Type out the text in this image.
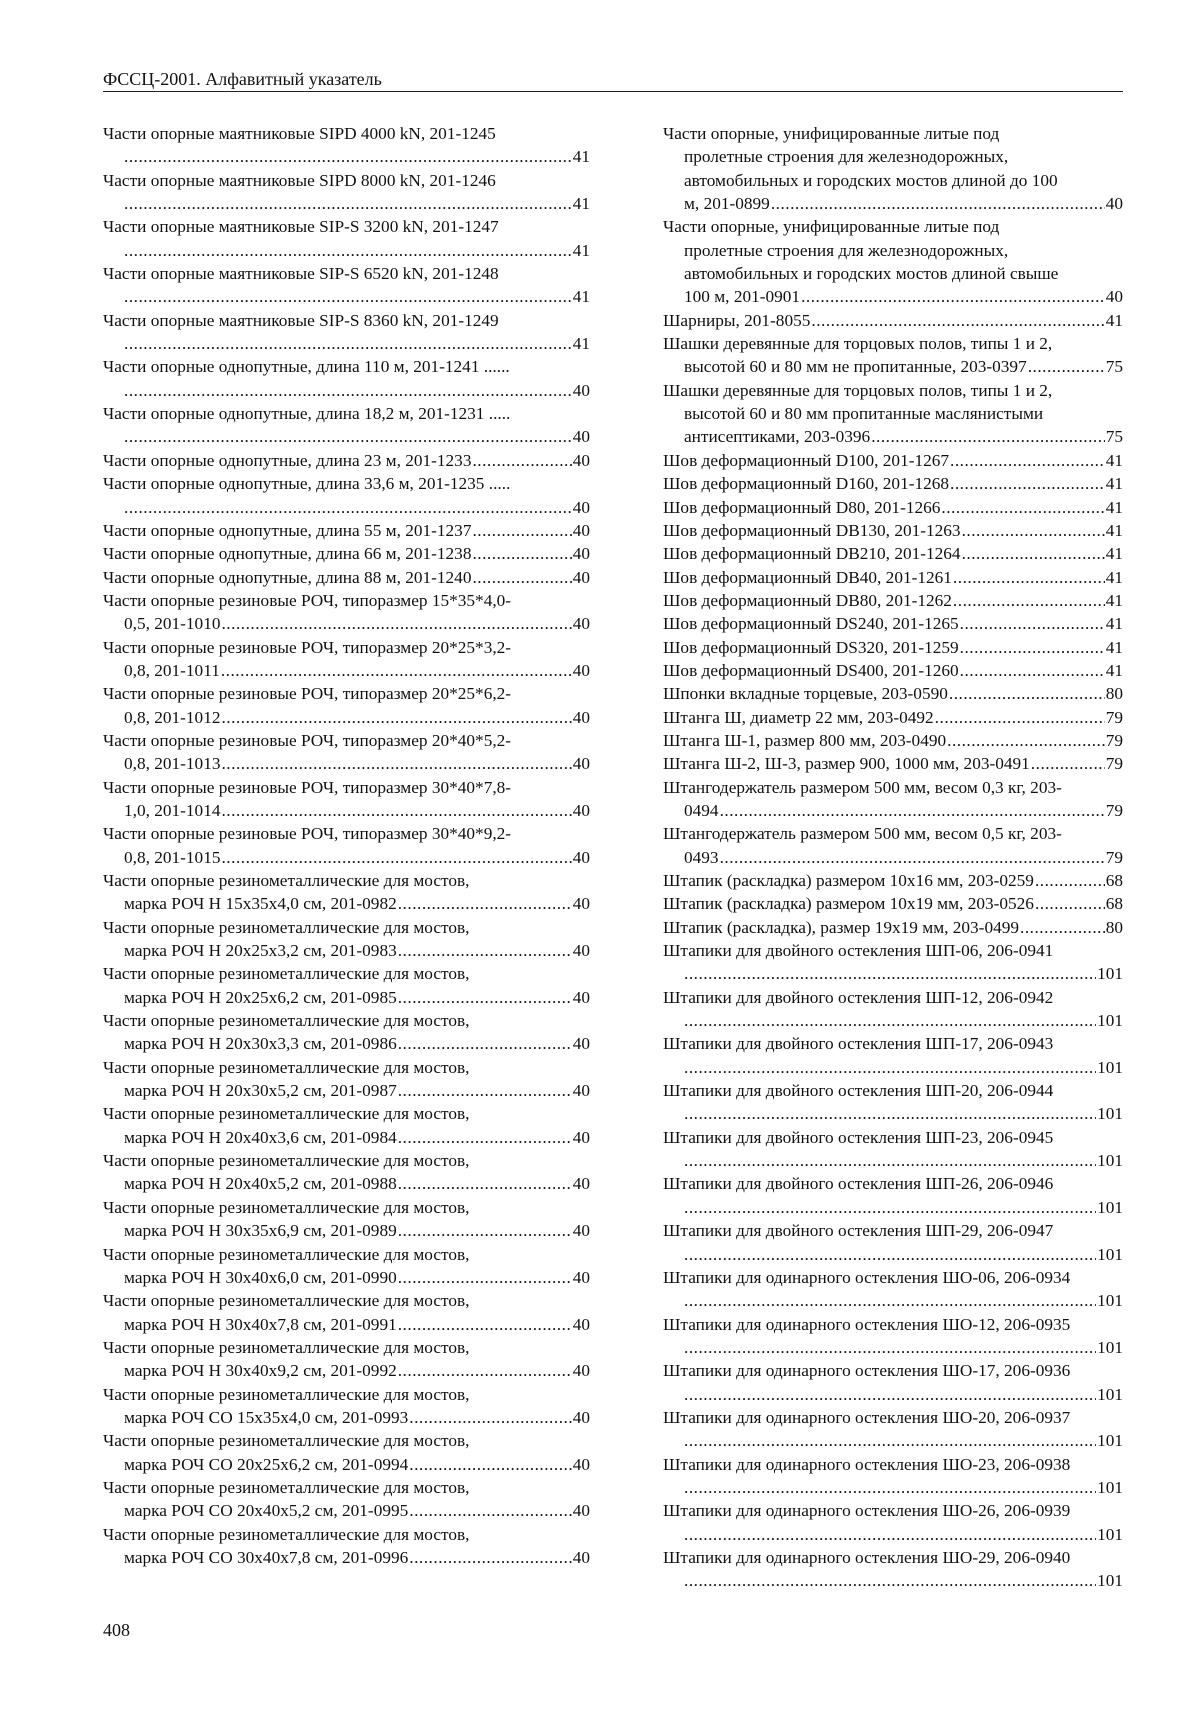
ФССЦ-2001. Алфавитный указатель
Части опорные маятниковые SIPD 4000 kN, 201-1245
.....
41
Части опорные маятниковые SIPD 8000 kN, 201-1246
.....
41
Части опорные маятниковые SIP-S 3200 kN, 201-1247
.....
41
Части опорные маятниковые SIP-S 6520 kN, 201-1248
.....
41
Части опорные маятниковые SIP-S 8360 kN, 201-1249
.....
41
Части опорные однопутные, длина 110 м, 201-1241 ......
.....
40
Части опорные однопутные, длина 18,2 м, 201-1231 .....
.....
40
Части опорные однопутные, длина 23 м, 201-1233 .....	40
Части опорные однопутные, длина 33,6 м, 201-1235 .....
.....
40
Части опорные однопутные, длина 55 м, 201-1237 .....	40
Части опорные однопутные, длина 66 м, 201-1238 .....	40
Части опорные однопутные, длина 88 м, 201-1240 .....	40
Части опорные резиновые РОЧ, типоразмер 15*35*4,0-
0,5, 201-1010 .....	40
Части опорные резиновые РОЧ, типоразмер 20*25*3,2-
0,8, 201-1011 .....	40
Части опорные резиновые РОЧ, типоразмер 20*25*6,2-
0,8, 201-1012 .....	40
Части опорные резиновые РОЧ, типоразмер 20*40*5,2-
0,8, 201-1013 .....	40
Части опорные резиновые РОЧ, типоразмер 30*40*7,8-
1,0, 201-1014 .....	40
Части опорные резиновые РОЧ, типоразмер 30*40*9,2-
0,8, 201-1015 .....	40
Части опорные резинометаллические для мостов,
марка РОЧ Н 15x35x4,0 см, 201-0982 .....	40
Части опорные резинометаллические для мостов,
марка РОЧ Н 20x25x3,2 см, 201-0983 .....	40
Части опорные резинометаллические для мостов,
марка РОЧ Н 20x25x6,2 см, 201-0985 .....	40
Части опорные резинометаллические для мостов,
марка РОЧ Н 20x30x3,3 см, 201-0986 .....	40
Части опорные резинометаллические для мостов,
марка РОЧ Н 20x30x5,2 см, 201-0987 .....	40
Части опорные резинометаллические для мостов,
марка РОЧ Н 20x40x3,6 см, 201-0984 .....	40
Части опорные резинометаллические для мостов,
марка РОЧ Н 20x40x5,2 см, 201-0988 .....	40
Части опорные резинометаллические для мостов,
марка РОЧ Н 30x35x6,9 см, 201-0989 .....	40
Части опорные резинометаллические для мостов,
марка РОЧ Н 30x40x6,0 см, 201-0990 .....	40
Части опорные резинометаллические для мостов,
марка РОЧ Н 30x40x7,8 см, 201-0991 .....	40
Части опорные резинометаллические для мостов,
марка РОЧ Н 30x40x9,2 см, 201-0992 .....	40
Части опорные резинометаллические для мостов,
марка РОЧ СО 15x35x4,0 см, 201-0993 .....	40
Части опорные резинометаллические для мостов,
марка РОЧ СО 20x25x6,2 см, 201-0994 .....	40
Части опорные резинометаллические для мостов,
марка РОЧ СО 20x40x5,2 см, 201-0995 .....	40
Части опорные резинометаллические для мостов,
марка РОЧ СО 30x40x7,8 см, 201-0996 .....	40
Части опорные, унифицированные литые под
пролетные строения для железнодорожных,
автомобильных и городских мостов длиной до 100
м, 201-0899 .....	40
Части опорные, унифицированные литые под
пролетные строения для железнодорожных,
автомобильных и городских мостов длиной свыше
100 м, 201-0901 .....	40
Шарниры, 201-8055 .....	41
Шашки деревянные для торцовых полов, типы 1 и 2,
высотой 60 и 80 мм не пропитанные, 203-0397 .....	75
Шашки деревянные для торцовых полов, типы 1 и 2,
высотой 60 и 80 мм пропитанные маслянистыми
антисептиками, 203-0396 .....	75
Шов деформационный D100, 201-1267 .....	41
Шов деформационный D160, 201-1268 .....	41
Шов деформационный D80, 201-1266 .....	41
Шов деформационный DB130, 201-1263 .....	41
Шов деформационный DB210, 201-1264 .....	41
Шов деформационный DB40, 201-1261 .....	41
Шов деформационный DB80, 201-1262 .....	41
Шов деформационный DS240, 201-1265 .....	41
Шов деформационный DS320, 201-1259 .....	41
Шов деформационный DS400, 201-1260 .....	41
Шпонки вкладные торцевые, 203-0590 .....	80
Штанга Ш, диаметр 22 мм, 203-0492 .....	79
Штанга Ш-1, размер 800 мм, 203-0490 .....	79
Штанга Ш-2, Ш-3, размер 900, 1000 мм, 203-0491 .....	79
Штангодержатель размером 500 мм, весом 0,3 кг, 203-
0494 .....	79
Штангодержатель размером 500 мм, весом 0,5 кг, 203-
0493 .....	79
Штапик (раскладка) размером 10x16 мм, 203-0259 .....	68
Штапик (раскладка) размером 10x19 мм, 203-0526 .....	68
Штапик (раскладка), размер 19x19 мм, 203-0499 .....	80
Штапики для двойного остекления ШП-06, 206-0941
.....
101
Штапики для двойного остекления ШП-12, 206-0942
.....
101
Штапики для двойного остекления ШП-17, 206-0943
.....
101
Штапики для двойного остекления ШП-20, 206-0944
.....
101
Штапики для двойного остекления ШП-23, 206-0945
.....
101
Штапики для двойного остекления ШП-26, 206-0946
.....
101
Штапики для двойного остекления ШП-29, 206-0947
.....
101
Штапики для одинарного остекления ШО-06, 206-0934
.....
101
Штапики для одинарного остекления ШО-12, 206-0935
.....
101
Штапики для одинарного остекления ШО-17, 206-0936
.....
101
Штапики для одинарного остекления ШО-20, 206-0937
.....
101
Штапики для одинарного остекления ШО-23, 206-0938
.....
101
Штапики для одинарного остекления ШО-26, 206-0939
.....
101
Штапики для одинарного остекления ШО-29, 206-0940
.....
101
408
